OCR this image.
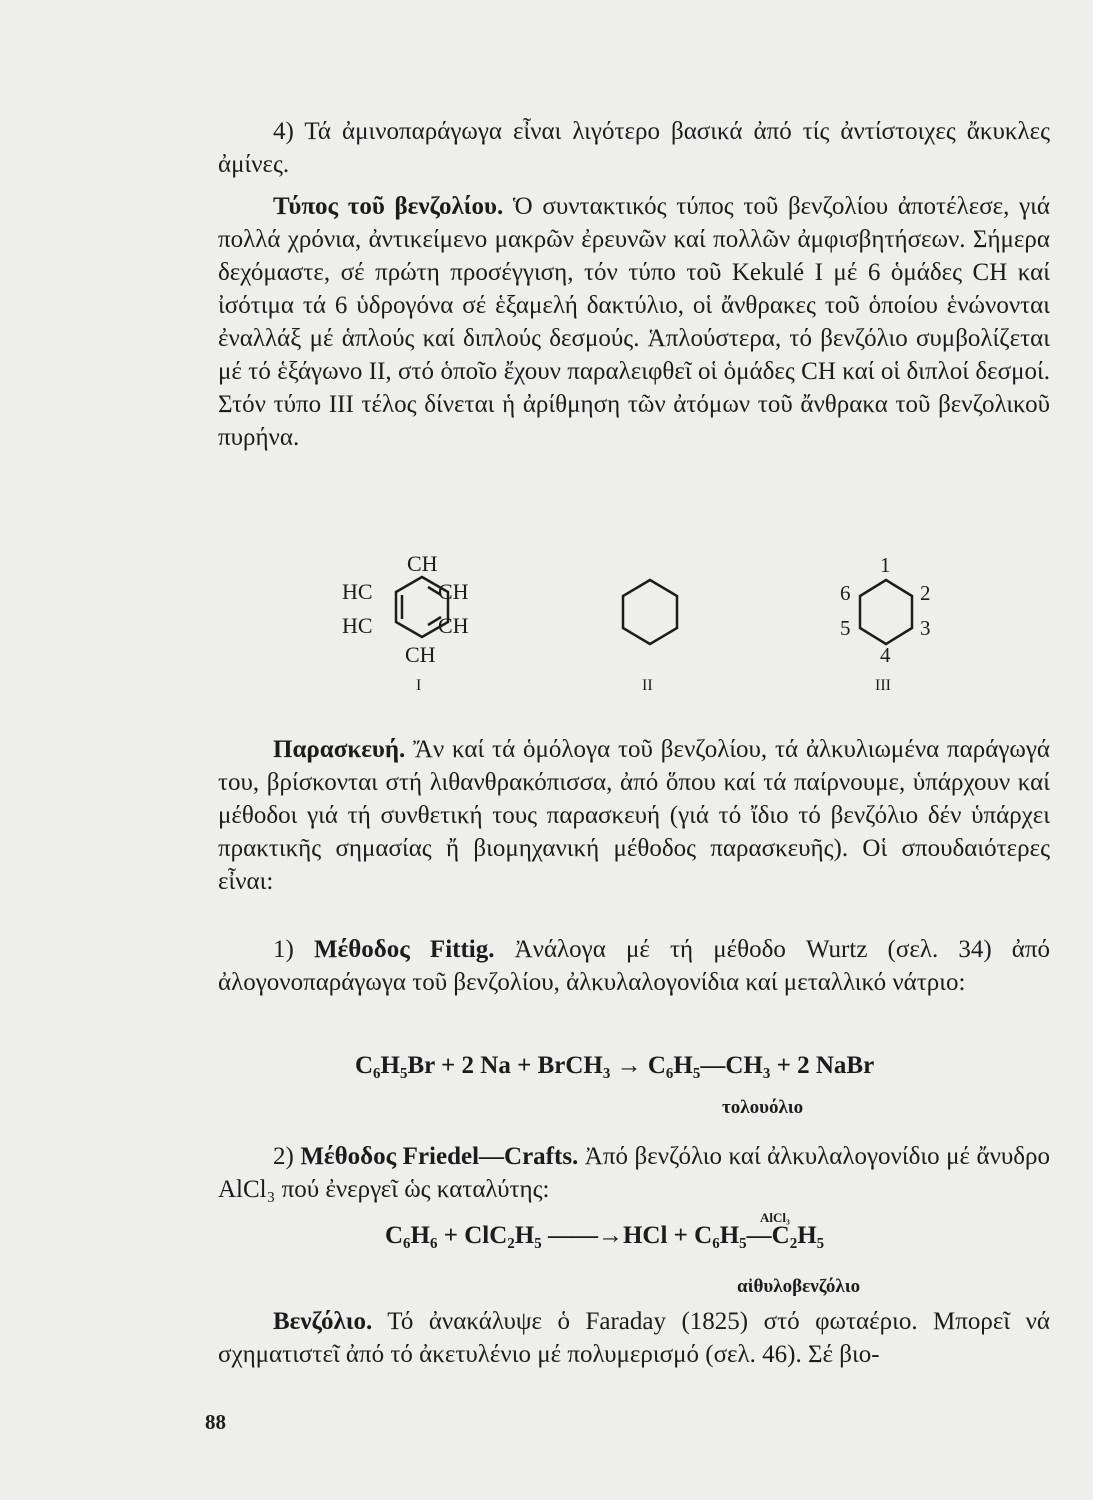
4) Τά ἀμινοπαράγωγα εἶναι λιγότερο βασικά ἀπό τίς ἀντίστοιχες ἄκυκλες ἀμίνες.
Τύπος τοῦ βενζολίου. Ὁ συντακτικός τύπος τοῦ βενζολίου ἀποτέλεσε, γιά πολλά χρόνια, ἀντικείμενο μακρῶν ἐρευνῶν καί πολλῶν ἀμφισβητήσεων. Σήμερα δεχόμαστε, σέ πρώτη προσέγγιση, τόν τύπο τοῦ Kekulé I μέ 6 ὁμάδες CH καί ἰσότιμα τά 6 ὑδρογόνα σέ ἑξαμελή δακτύλιο, οἱ ἄνθρακες τοῦ ὁποίου ἑνώνονται ἐναλλάξ μέ ἁπλούς καί διπλούς δεσμούς. Ἁπλούστερα, τό βενζόλιο συμβολίζεται μέ τό ἑξάγωνο II, στό ὁποῖο ἔχουν παραλειφθεῖ οἱ ὁμάδες CH καί οἱ διπλοί δεσμοί. Στόν τύπο III τέλος δίνεται ἡ ἀρίθμηση τῶν ἀτόμων τοῦ ἄνθρακα τοῦ βενζολικοῦ πυρήνα.
CH
HC	CH
HC	CH
CH
I	II
1
2
3
4
5
6
III
Παρασκευή. Ἄν καί τά ὁμόλογα τοῦ βενζολίου, τά ἀλκυλιωμένα παράγωγά του, βρίσκονται στή λιθανθρακόπισσα, ἀπό ὅπου καί τά παίρνουμε, ὑπάρχουν καί μέθοδοι γιά τή συνθετική τους παρασκευή (γιά τό ἴδιο τό βενζόλιο δέν ὑπάρχει πρακτικῆς σημασίας ἤ βιομηχανική μέθοδος παρασκευῆς). Οἱ σπουδαιότερες εἶναι:
1) Μέθοδος Fittig. Ἀνάλογα μέ τή μέθοδο Wurtz (σελ. 34) ἀπό ἀλογονοπαράγωγα τοῦ βενζολίου, ἀλκυλαλογονίδια καί μεταλλικό νάτριο:
C₆H₅Br + 2 Na + BrCH₃ → C₆H₅—CH₃ + 2 NaBr
τολουόλιο
2) Μέθοδος Friedel—Crafts. Ἀπό βενζόλιο καί ἀλκυλαλογονίδιο μέ ἄνυδρο AlCl₃ πού ἐνεργεῖ ὡς καταλύτης:
C₆H₆ + ClC₂H₅
AlCl₃
——→HCl + C₆H₅—C₂H₅
αἰθυλοβενζόλιο
Βενζόλιο. Τό ἀνακάλυψε ὁ Faraday (1825) στό φωταέριο. Μπορεῖ νά σχηματιστεῖ ἀπό τό ἀκετυλένιο μέ πολυμερισμό (σελ. 46). Σέ βιο-
88
